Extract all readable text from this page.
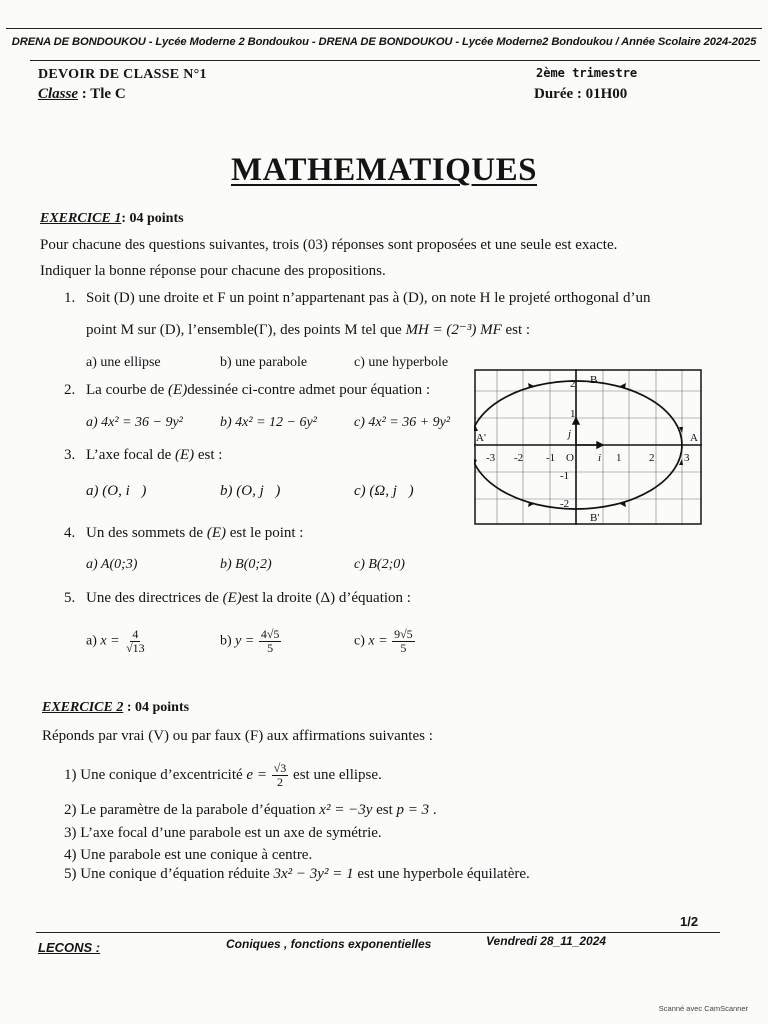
DRENA DE BONDOUKOU - Lycée Moderne 2 Bondoukou - DRENA DE BONDOUKOU - Lycée Moderne2 Bondoukou / Année Scolaire 2024-2025
DEVOIR DE CLASSE N°1
Classe : Tle C
2ème trimestre
Durée : 01H00
MATHEMATIQUES
EXERCICE 1: 04 points
Pour chacune des questions suivantes, trois (03) réponses sont proposées et une seule est exacte.
Indiquer la bonne réponse pour chacune des propositions.
1. Soit (D) une droite et F un point n’appartenant pas à (D), on note H le projeté orthogonal d’un
point M sur (D), l’ensemble(Γ), des points M tel que MH = (2⁻³) MF est :
a) une ellipse	b) une parabole	c) une hyperbole
2. La courbe de (E)dessinée ci-contre admet pour équation :
a) 4x² = 36 − 9y²	b) 4x² = 12 − 6y²	c) 4x² = 36 + 9y²
3. L’axe focal de (E) est :
a) (O, i⃗)	b) (O, j⃗)	c) (Ω, j⃗)
4. Un des sommets de (E) est le point :
a) A(0;3)	b) B(0;2)	c) B(2;0)
5. Une des directrices de (E)est la droite (Δ) d’équation :
a) $x = \frac{4}{√13}$	b) $y = \frac{4√5}{5}$	c) $x = \frac{9√5}{5}$
-3 -2 -1 O	1	2
2
1
-1
-2
B
B'
A
A'
i⃗
j⃗
3
EXERCICE 2 : 04 points
Réponds par vrai (V) ou par faux (F) aux affirmations suivantes :
1) Une conique d’excentricité $e = \frac{√3}{2}$ est une ellipse.
2) Le paramètre de la parabole d’équation x² = −3y est p = 3 .
3) L’axe focal d’une parabole est un axe de symétrie.
4) Une parabole est une conique à centre.
5) Une conique d’équation réduite 3x² − 3y² = 1 est une hyperbole équilatère.
1/2
LECONS :	Coniques , fonctions exponentielles	Vendredi 28_11_2024
Scanné avec CamScanner
